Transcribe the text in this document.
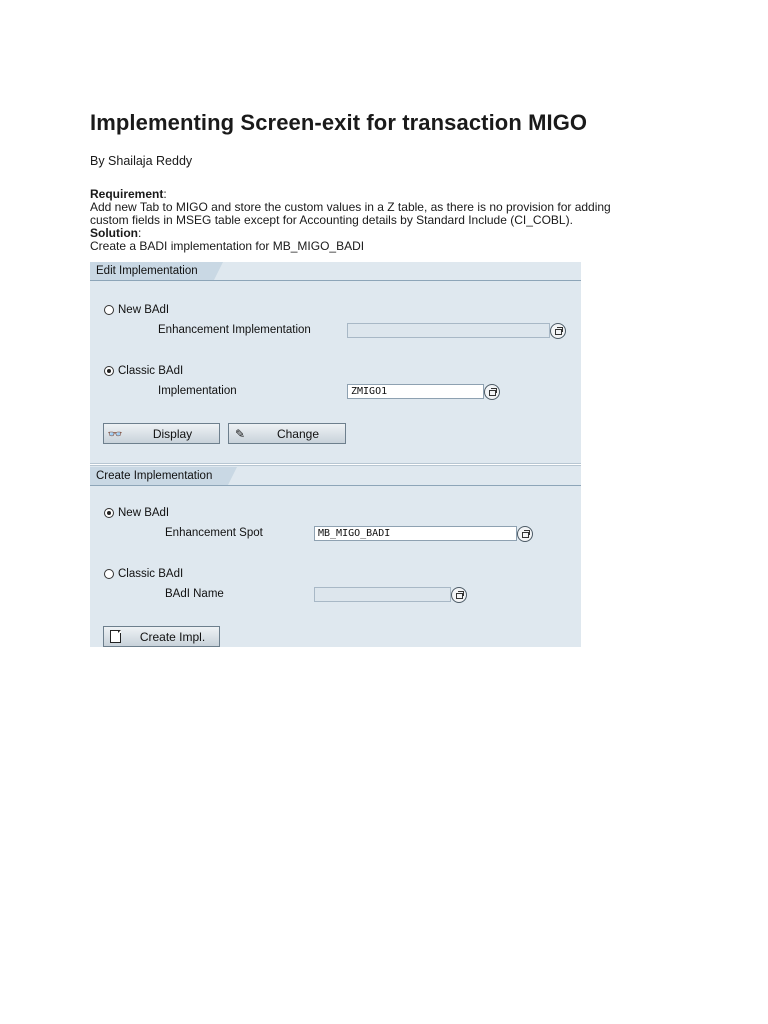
Implementing Screen-exit for transaction MIGO
By Shailaja Reddy
Requirement:
Add new Tab to MIGO and store the custom values in a Z table, as there is no provision for adding
custom fields in MSEG table except for Accounting details by Standard Include (CI_COBL).
Solution:
Create a BADI implementation for MB_MIGO_BADI
Edit Implementation
New BAdI
Enhancement Implementation
Classic BAdI
Implementation	ZMIGO1
👓	Display	✎	Change
Create Implementation
New BAdI
Enhancement Spot	MB_MIGO_BADI
Classic BAdI
BAdI Name
Create Impl.
